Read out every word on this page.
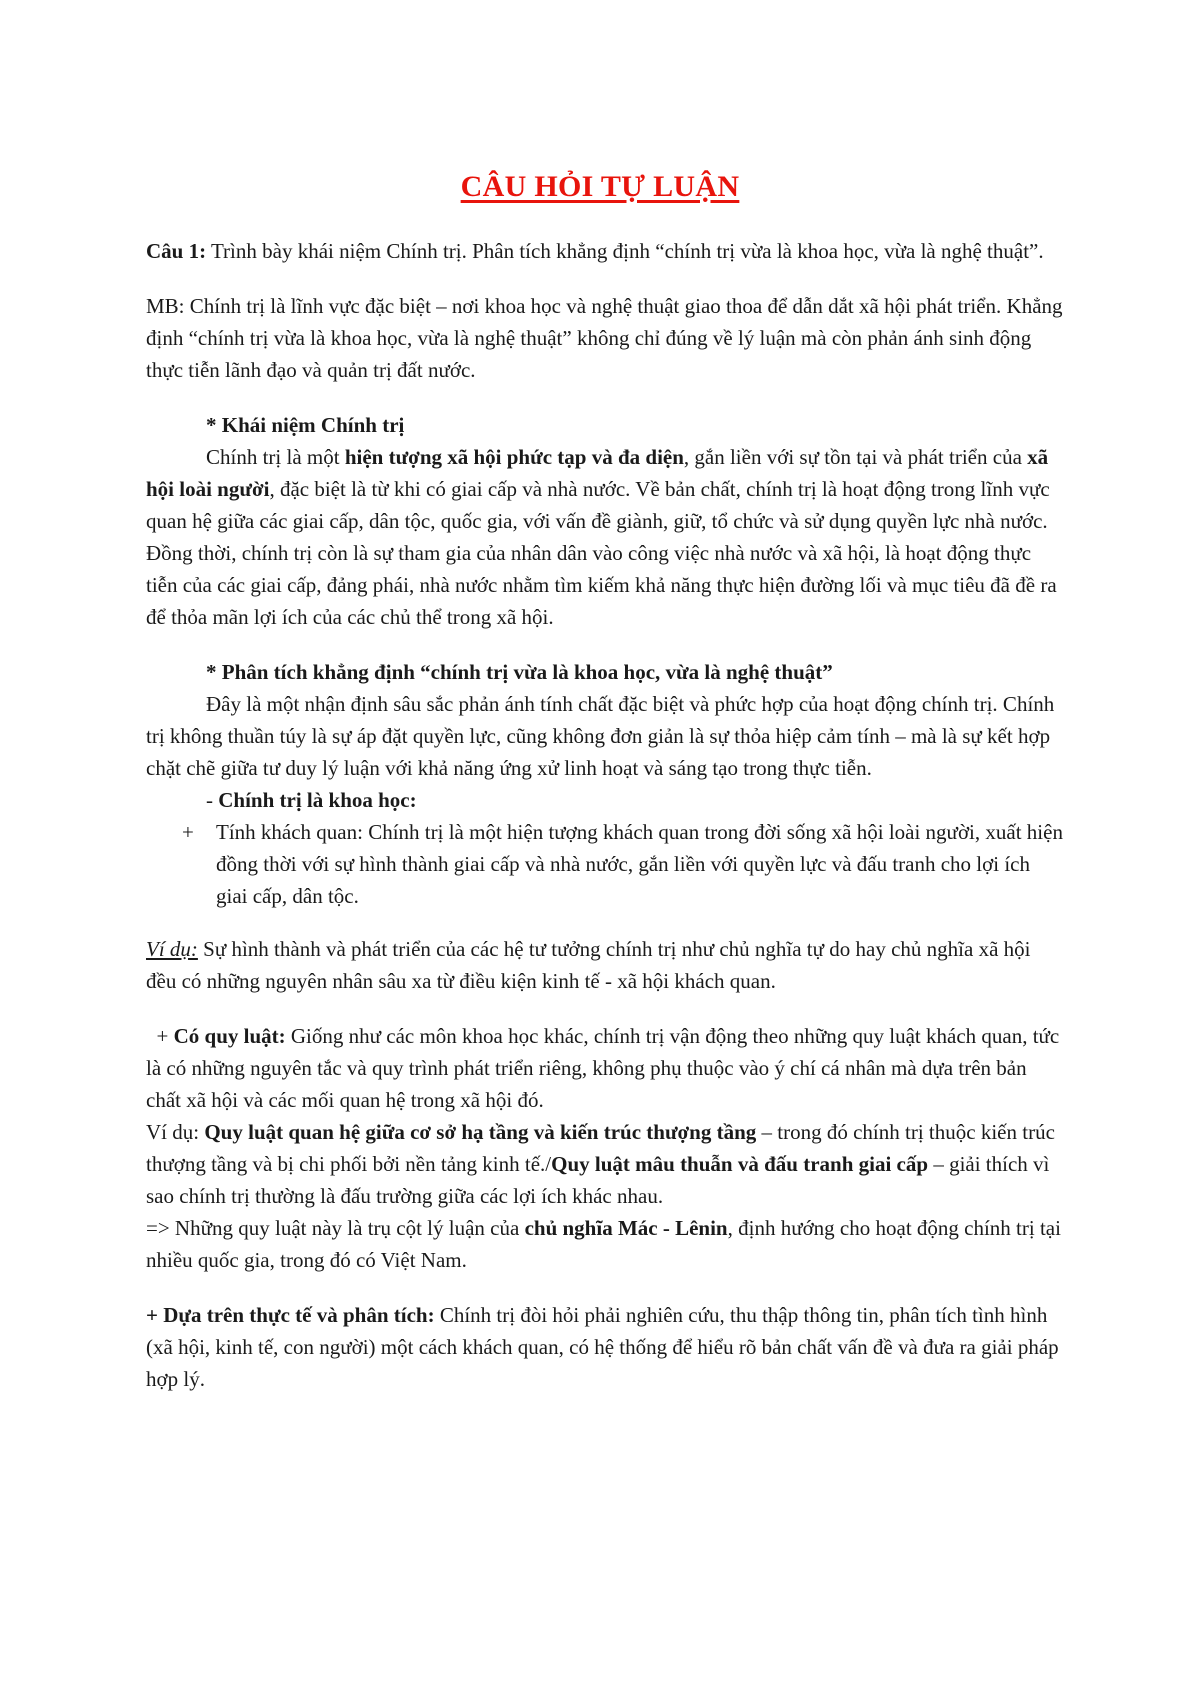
CÂU HỎI TỰ LUẬN

Câu 1: Trình bày khái niệm Chính trị. Phân tích khẳng định “chính trị vừa là khoa học, vừa là nghệ thuật”.

MB: Chính trị là lĩnh vực đặc biệt – nơi khoa học và nghệ thuật giao thoa để dẫn dắt xã hội phát triển. Khẳng định “chính trị vừa là khoa học, vừa là nghệ thuật” không chỉ đúng về lý luận mà còn phản ánh sinh động thực tiễn lãnh đạo và quản trị đất nước.

* Khái niệm Chính trị

Chính trị là một hiện tượng xã hội phức tạp và đa diện, gắn liền với sự tồn tại và phát triển của xã hội loài người, đặc biệt là từ khi có giai cấp và nhà nước. Về bản chất, chính trị là hoạt động trong lĩnh vực quan hệ giữa các giai cấp, dân tộc, quốc gia, với vấn đề giành, giữ, tổ chức và sử dụng quyền lực nhà nước. Đồng thời, chính trị còn là sự tham gia của nhân dân vào công việc nhà nước và xã hội, là hoạt động thực tiễn của các giai cấp, đảng phái, nhà nước nhằm tìm kiếm khả năng thực hiện đường lối và mục tiêu đã đề ra để thỏa mãn lợi ích của các chủ thể trong xã hội.

* Phân tích khẳng định “chính trị vừa là khoa học, vừa là nghệ thuật”

Đây là một nhận định sâu sắc phản ánh tính chất đặc biệt và phức hợp của hoạt động chính trị. Chính trị không thuần túy là sự áp đặt quyền lực, cũng không đơn giản là sự thỏa hiệp cảm tính – mà là sự kết hợp chặt chẽ giữa tư duy lý luận với khả năng ứng xử linh hoạt và sáng tạo trong thực tiễn.

- Chính trị là khoa học:

+	Tính khách quan: Chính trị là một hiện tượng khách quan trong đời sống xã hội loài người, xuất hiện đồng thời với sự hình thành giai cấp và nhà nước, gắn liền với quyền lực và đấu tranh cho lợi ích giai cấp, dân tộc.

Ví dụ: Sự hình thành và phát triển của các hệ tư tưởng chính trị như chủ nghĩa tự do hay chủ nghĩa xã hội đều có những nguyên nhân sâu xa từ điều kiện kinh tế - xã hội khách quan.

+ Có quy luật: Giống như các môn khoa học khác, chính trị vận động theo những quy luật khách quan, tức là có những nguyên tắc và quy trình phát triển riêng, không phụ thuộc vào ý chí cá nhân mà dựa trên bản chất xã hội và các mối quan hệ trong xã hội đó.

Ví dụ: Quy luật quan hệ giữa cơ sở hạ tầng và kiến trúc thượng tầng – trong đó chính trị thuộc kiến trúc thượng tầng và bị chi phối bởi nền tảng kinh tế./Quy luật mâu thuẫn và đấu tranh giai cấp – giải thích vì sao chính trị thường là đấu trường giữa các lợi ích khác nhau.

=> Những quy luật này là trụ cột lý luận của chủ nghĩa Mác - Lênin, định hướng cho hoạt động chính trị tại nhiều quốc gia, trong đó có Việt Nam.

+ Dựa trên thực tế và phân tích: Chính trị đòi hỏi phải nghiên cứu, thu thập thông tin, phân tích tình hình (xã hội, kinh tế, con người) một cách khách quan, có hệ thống để hiểu rõ bản chất vấn đề và đưa ra giải pháp hợp lý.
